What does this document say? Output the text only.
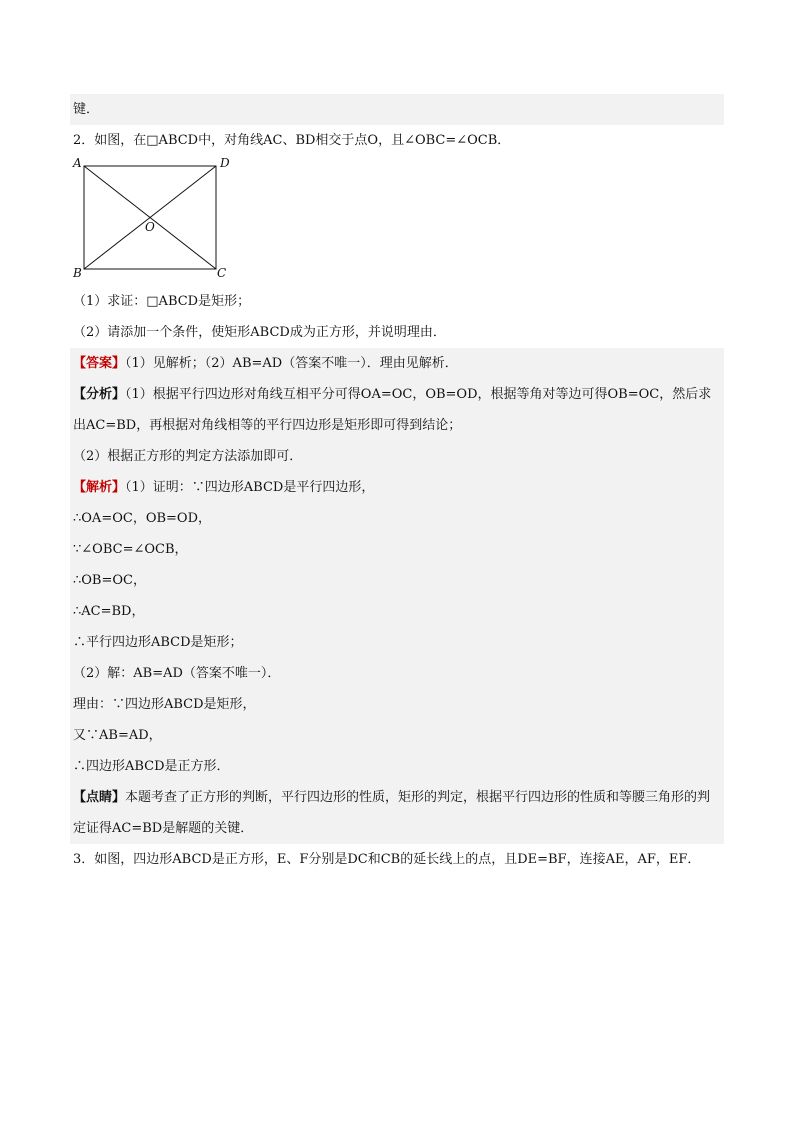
键．
2．如图，在□ABCD中，对角线AC、BD相交于点O，且∠OBC=∠OCB．
A	D
O
B	C
（1）求证：□ABCD是矩形；
（2）请添加一个条件，使矩形ABCD成为正方形，并说明理由．
【答案】（1）见解析；（2）AB=AD（答案不唯一）．理由见解析．
【分析】（1）根据平行四边形对角线互相平分可得OA=OC，OB=OD，根据等角对等边可得OB=OC，然后求出AC=BD，再根据对角线相等的平行四边形是矩形即可得到结论；
（2）根据正方形的判定方法添加即可．
【解析】（1）证明：∵四边形ABCD是平行四边形，
∴OA=OC，OB=OD，
∵∠OBC=∠OCB，
∴OB=OC，
∴AC=BD，
∴平行四边形ABCD是矩形；
（2）解：AB=AD（答案不唯一）．
理由：∵四边形ABCD是矩形，
又∵AB=AD，
∴四边形ABCD是正方形．
【点睛】本题考查了正方形的判断，平行四边形的性质，矩形的判定，根据平行四边形的性质和等腰三角形的判定证得AC=BD是解题的关键．
3．如图，四边形ABCD是正方形，E、F分别是DC和CB的延长线上的点，且DE=BF，连接AE，AF，EF．
